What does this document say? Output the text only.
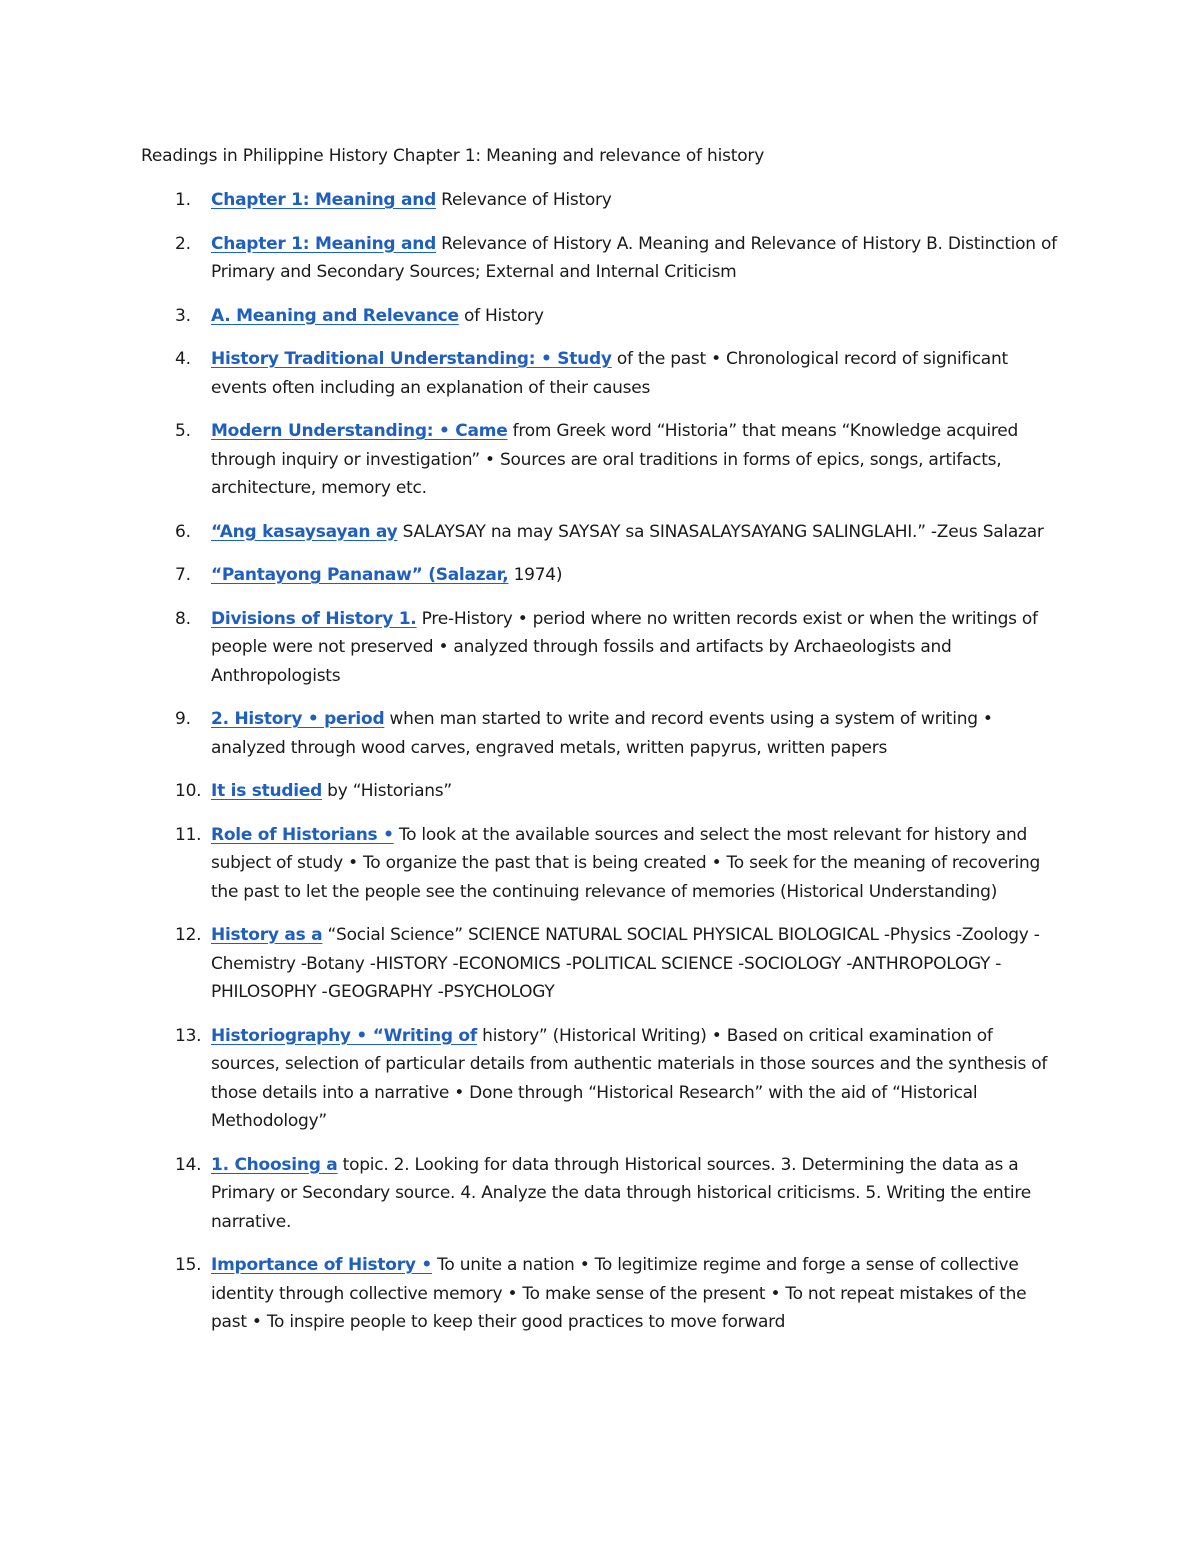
Readings in Philippine History Chapter 1: Meaning and relevance of history
1.	Chapter 1: Meaning and Relevance of History
2.	Chapter 1: Meaning and Relevance of History A. Meaning and Relevance of History B. Distinction of Primary and Secondary Sources; External and Internal Criticism
3.	A. Meaning and Relevance of History
4.	History Traditional Understanding: • Study of the past • Chronological record of significant events often including an explanation of their causes
5.	Modern Understanding: • Came from Greek word “Historia” that means “Knowledge acquired through inquiry or investigation” • Sources are oral traditions in forms of epics, songs, artifacts, architecture, memory etc.
6.	“Ang kasaysayan ay SALAYSAY na may SAYSAY sa SINASALAYSAYANG SALINGLAHI.” -Zeus Salazar
7.	“Pantayong Pananaw” (Salazar, 1974)
8.	Divisions of History 1. Pre-History • period where no written records exist or when the writings of people were not preserved • analyzed through fossils and artifacts by Archaeologists and Anthropologists
9.	2. History • period when man started to write and record events using a system of writing • analyzed through wood carves, engraved metals, written papyrus, written papers
10. It is studied by “Historians”
11. Role of Historians • To look at the available sources and select the most relevant for history and subject of study • To organize the past that is being created • To seek for the meaning of recovering the past to let the people see the continuing relevance of memories (Historical Understanding)
12. History as a “Social Science” SCIENCE NATURAL SOCIAL PHYSICAL BIOLOGICAL -Physics -Zoology -Chemistry -Botany -HISTORY -ECONOMICS -POLITICAL SCIENCE -SOCIOLOGY -ANTHROPOLOGY -PHILOSOPHY -GEOGRAPHY -PSYCHOLOGY
13. Historiography • “Writing of history” (Historical Writing) • Based on critical examination of sources, selection of particular details from authentic materials in those sources and the synthesis of those details into a narrative • Done through “Historical Research” with the aid of “Historical Methodology”
14. 1. Choosing a topic. 2. Looking for data through Historical sources. 3. Determining the data as a Primary or Secondary source. 4. Analyze the data through historical criticisms. 5. Writing the entire narrative.
15. Importance of History • To unite a nation • To legitimize regime and forge a sense of collective identity through collective memory • To make sense of the present • To not repeat mistakes of the past • To inspire people to keep their good practices to move forward
